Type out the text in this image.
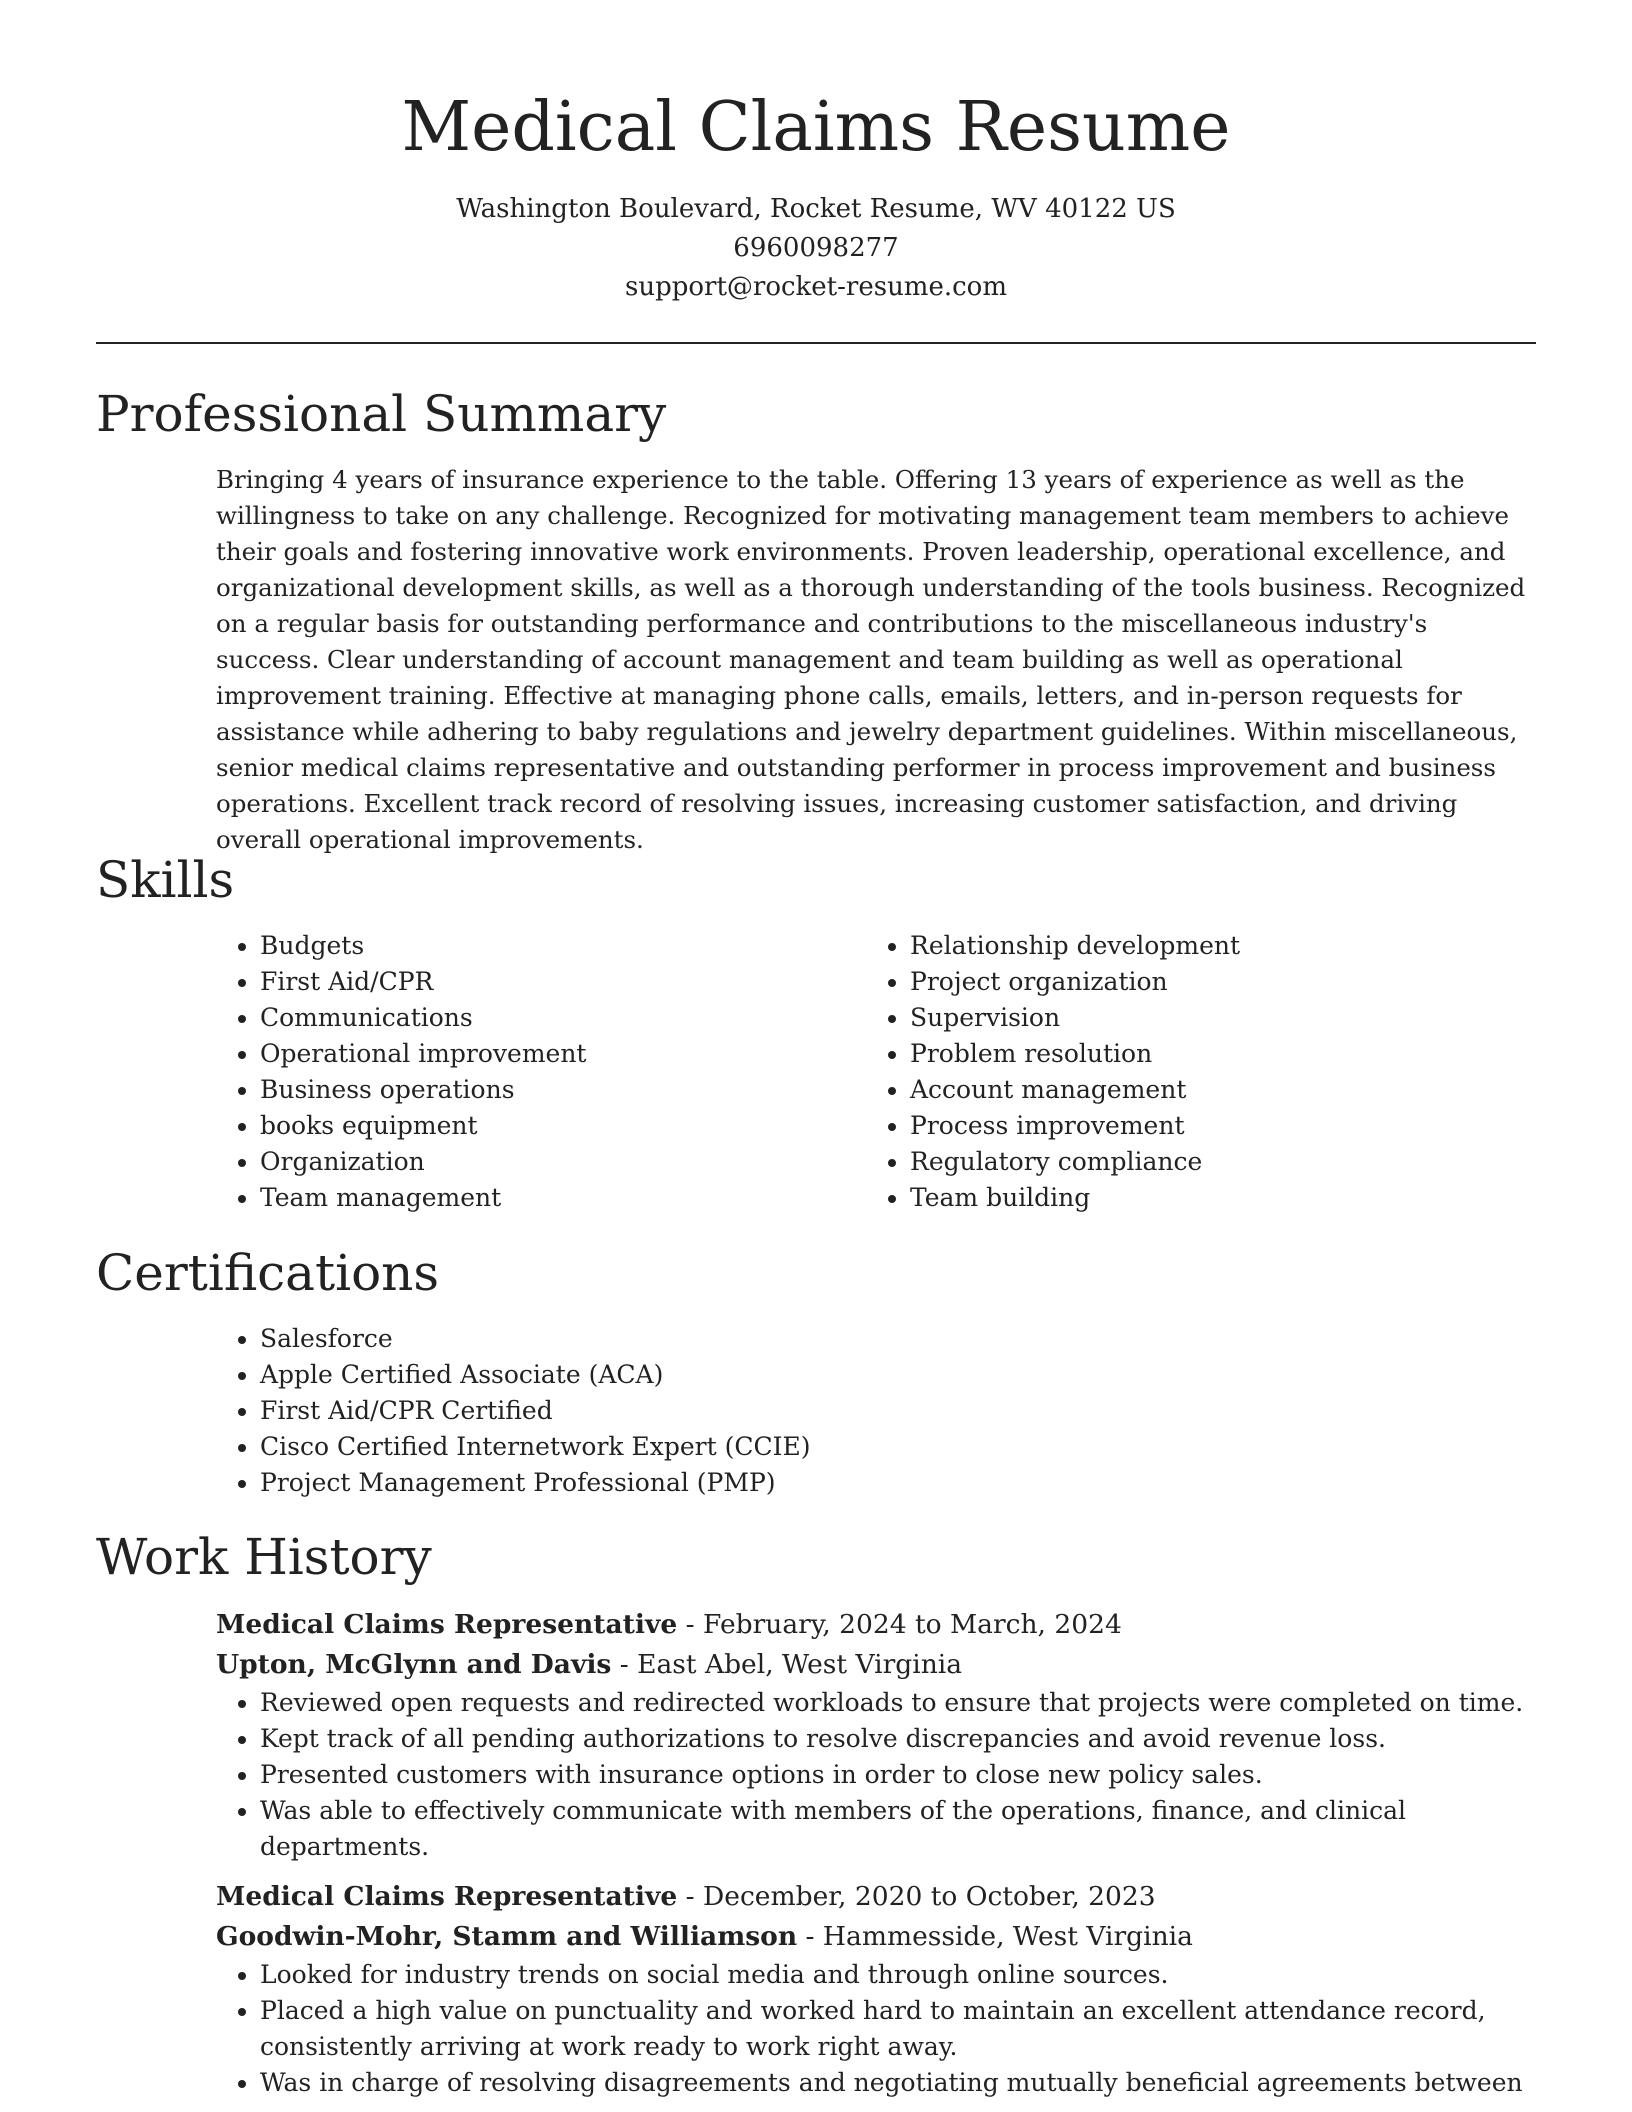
Medical Claims Resume

Washington Boulevard, Rocket Resume, WV 40122 US

6960098277

support@rocket-resume.com

Professional Summary

Bringing 4 years of insurance experience to the table. Offering 13 years of experience as well as the willingness to take on any challenge. Recognized for motivating management team members to achieve their goals and fostering innovative work environments. Proven leadership, operational excellence, and organizational development skills, as well as a thorough understanding of the tools business. Recognized on a regular basis for outstanding performance and contributions to the miscellaneous industry's success. Clear understanding of account management and team building as well as operational improvement training. Effective at managing phone calls, emails, letters, and in-person requests for assistance while adhering to baby regulations and jewelry department guidelines. Within miscellaneous, senior medical claims representative and outstanding performer in process improvement and business operations. Excellent track record of resolving issues, increasing customer satisfaction, and driving overall operational improvements.

Skills
• Budgets
• First Aid/CPR
• Communications
• Operational improvement
• Business operations
• books equipment
• Organization
• Team management
• Relationship development
• Project organization
• Supervision
• Problem resolution
• Account management
• Process improvement
• Regulatory compliance
• Team building
Certifications
• Salesforce
• Apple Certified Associate (ACA)
• First Aid/CPR Certified
• Cisco Certified Internetwork Expert (CCIE)
• Project Management Professional (PMP)
Work History

Medical Claims Representative - February, 2024 to March, 2024

Upton, McGlynn and Davis - East Abel, West Virginia

• Reviewed open requests and redirected workloads to ensure that projects were completed on time.
• Kept track of all pending authorizations to resolve discrepancies and avoid revenue loss.
• Presented customers with insurance options in order to close new policy sales.
• Was able to effectively communicate with members of the operations, finance, and clinical departments.

Medical Claims Representative - December, 2020 to October, 2023

Goodwin-Mohr, Stamm and Williamson - Hammesside, West Virginia

• Looked for industry trends on social media and through online sources.
• Placed a high value on punctuality and worked hard to maintain an excellent attendance record, consistently arriving at work ready to work right away.
• Was in charge of resolving disagreements and negotiating mutually beneficial agreements between
